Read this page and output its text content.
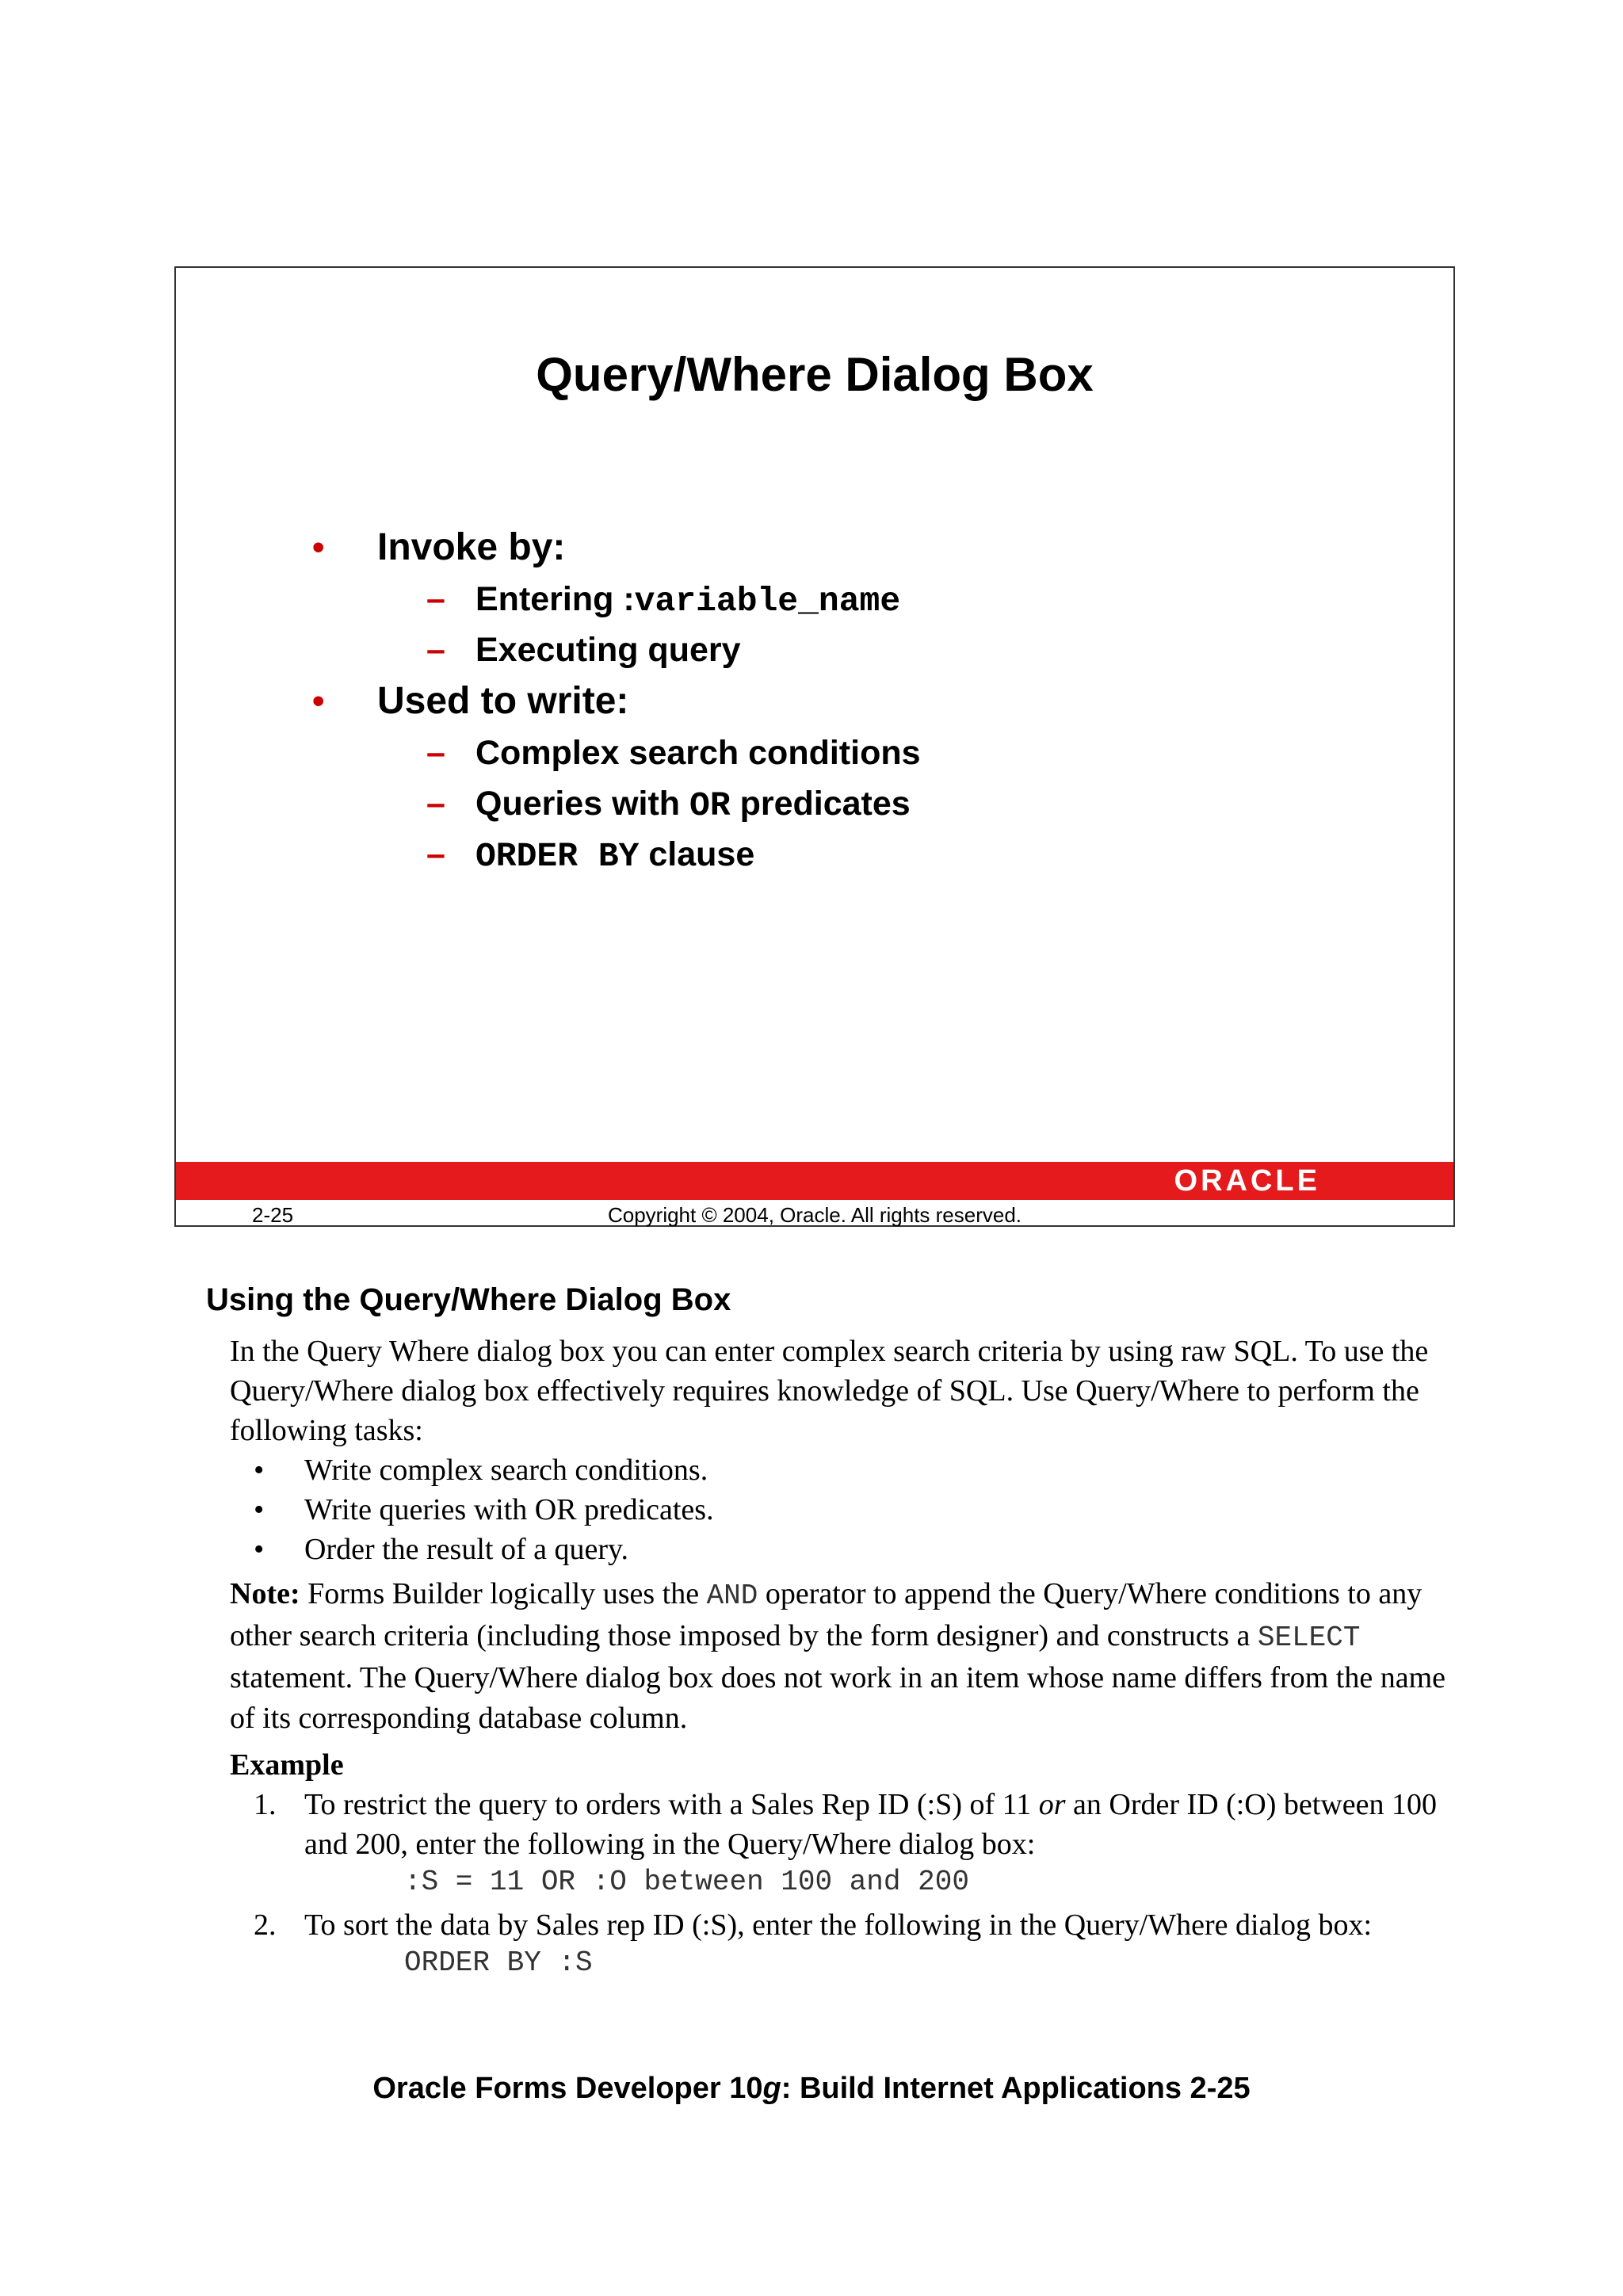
Query/Where Dialog Box
• Invoke by:
– Entering :variable_name
– Executing query
• Used to write:
– Complex search conditions
– Queries with OR predicates
– ORDER BY clause
ORACLE
2-25	Copyright © 2004, Oracle. All rights reserved.
Using the Query/Where Dialog Box

In the Query Where dialog box you can enter complex search criteria by using raw SQL. To use the Query/Where dialog box effectively requires knowledge of SQL. Use Query/Where to perform the following tasks:

• Write complex search conditions.
• Write queries with OR predicates.
• Order the result of a query.

Note: Forms Builder logically uses the AND operator to append the Query/Where conditions to any other search criteria (including those imposed by the form designer) and constructs a SELECT statement. The Query/Where dialog box does not work in an item whose name differs from the name of its corresponding database column.

Example

1. To restrict the query to orders with a Sales Rep ID (:S) of 11 or an Order ID (:O) between 100 and 200, enter the following in the Query/Where dialog box:
:S = 11 OR :O between 100 and 200
2. To sort the data by Sales rep ID (:S), enter the following in the Query/Where dialog box:
ORDER BY :S
Oracle Forms Developer 10g: Build Internet Applications 2-25
